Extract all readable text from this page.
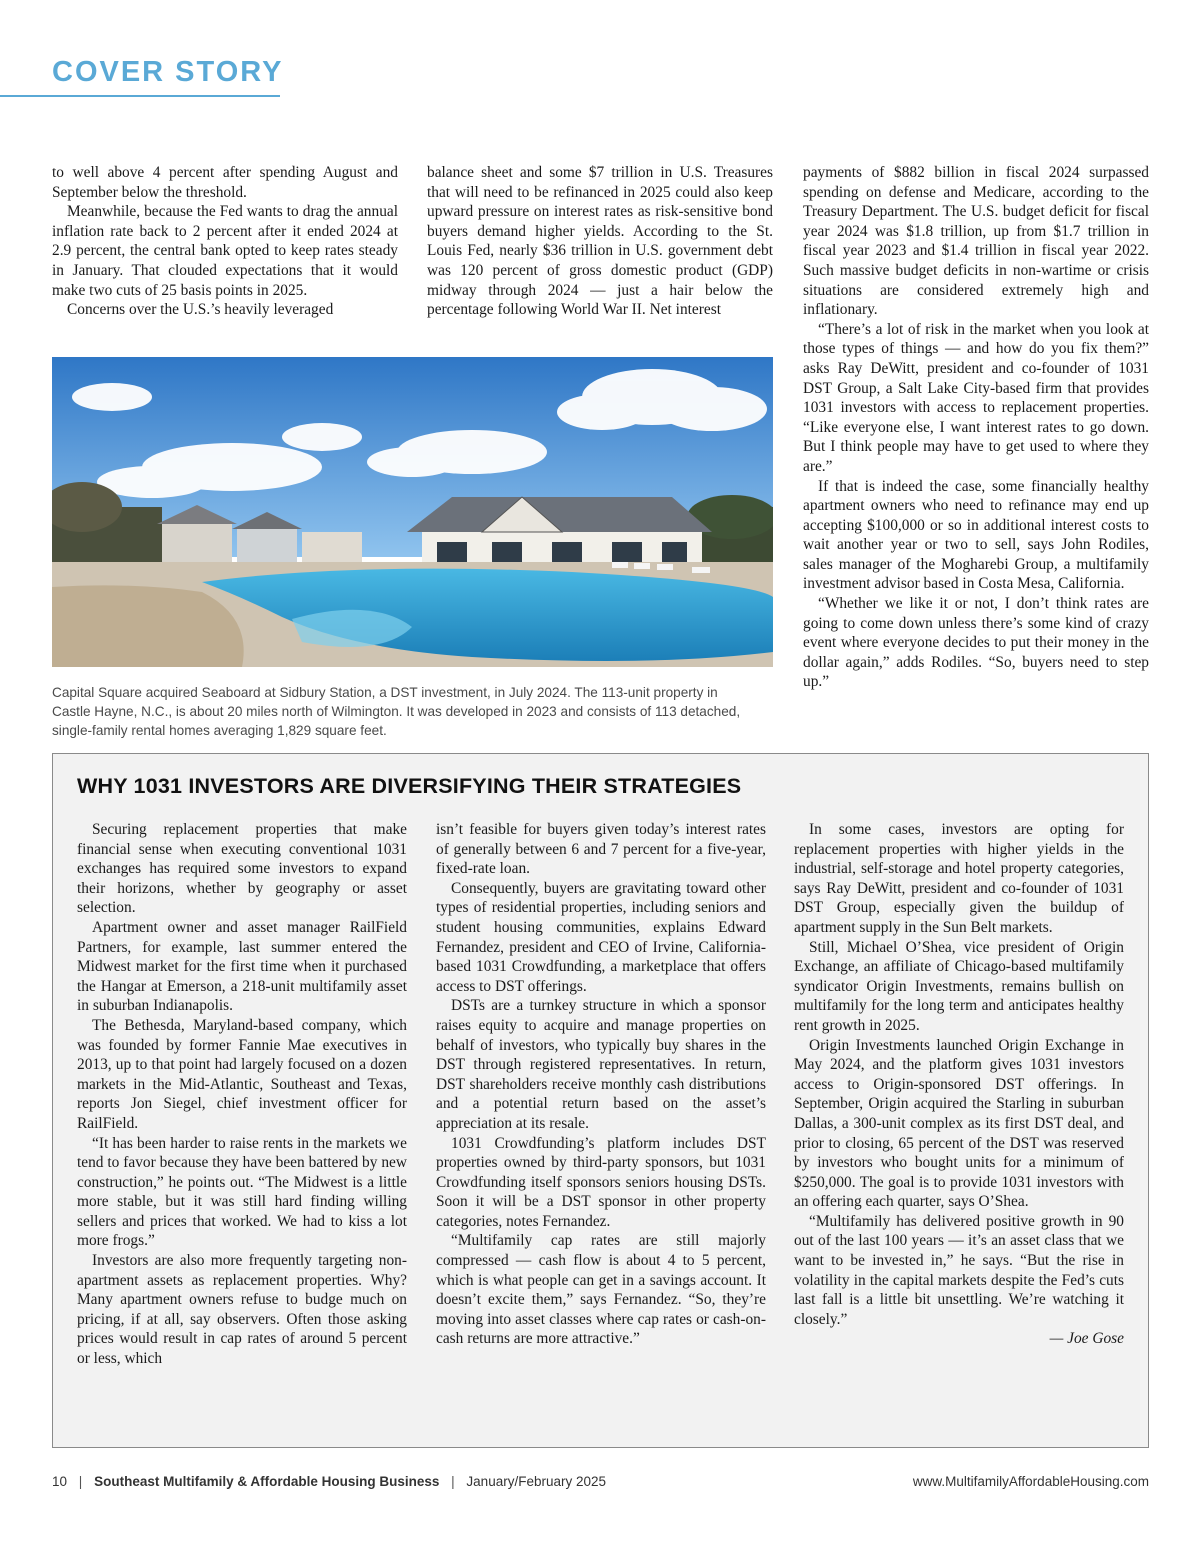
COVER STORY

to well above 4 percent after spending August and September below the threshold.

Meanwhile, because the Fed wants to drag the annual inflation rate back to 2 percent after it ended 2024 at 2.9 percent, the central bank opted to keep rates steady in January. That clouded expectations that it would make two cuts of 25 basis points in 2025.

Concerns over the U.S.’s heavily leveraged

balance sheet and some $7 trillion in U.S. Treasures that will need to be refinanced in 2025 could also keep upward pressure on interest rates as risk-sensitive bond buyers demand higher yields. According to the St. Louis Fed, nearly $36 trillion in U.S. government debt was 120 percent of gross domestic product (GDP) midway through 2024 — just a hair below the percentage following World War II. Net interest

payments of $882 billion in fiscal 2024 surpassed spending on defense and Medicare, according to the Treasury Department. The U.S. budget deficit for fiscal year 2024 was $1.8 trillion, up from $1.7 trillion in fiscal year 2023 and $1.4 trillion in fiscal year 2022. Such massive budget deficits in non-wartime or crisis situations are considered extremely high and inflationary.

“There’s a lot of risk in the market when you look at those types of things — and how do you fix them?” asks Ray DeWitt, president and co-founder of 1031 DST Group, a Salt Lake City-based firm that provides 1031 investors with access to replacement properties. “Like everyone else, I want interest rates to go down. But I think people may have to get used to where they are.”

If that is indeed the case, some financially healthy apartment owners who need to refinance may end up accepting $100,000 or so in additional interest costs to wait another year or two to sell, says John Rodiles, sales manager of the Mogharebi Group, a multifamily investment advisor based in Costa Mesa, California.

“Whether we like it or not, I don’t think rates are going to come down unless there’s some kind of crazy event where everyone decides to put their money in the dollar again,” adds Rodiles. “So, buyers need to step up.”

Capital Square acquired Seaboard at Sidbury Station, a DST investment, in July 2024. The 113-unit property in Castle Hayne, N.C., is about 20 miles north of Wilmington. It was developed in 2023 and consists of 113 detached, single-family rental homes averaging 1,829 square feet.
WHY 1031 INVESTORS ARE DIVERSIFYING THEIR STRATEGIES

Securing replacement properties that make financial sense when executing conventional 1031 exchanges has required some investors to expand their horizons, whether by geography or asset selection.

Apartment owner and asset manager RailField Partners, for example, last summer entered the Midwest market for the first time when it purchased the Hangar at Emerson, a 218-unit multifamily asset in suburban Indianapolis.

The Bethesda, Maryland-based company, which was founded by former Fannie Mae executives in 2013, up to that point had largely focused on a dozen markets in the Mid-Atlantic, Southeast and Texas, reports Jon Siegel, chief investment officer for RailField.

“It has been harder to raise rents in the markets we tend to favor because they have been battered by new construction,” he points out. “The Midwest is a little more stable, but it was still hard finding willing sellers and prices that worked. We had to kiss a lot more frogs.”

Investors are also more frequently targeting non-apartment assets as replacement properties. Why? Many apartment owners refuse to budge much on pricing, if at all, say observers. Often those asking prices would result in cap rates of around 5 percent or less, which

isn’t feasible for buyers given today’s interest rates of generally between 6 and 7 percent for a five-year, fixed-rate loan.

Consequently, buyers are gravitating toward other types of residential properties, including seniors and student housing communities, explains Edward Fernandez, president and CEO of Irvine, California-based 1031 Crowdfunding, a marketplace that offers access to DST offerings.

DSTs are a turnkey structure in which a sponsor raises equity to acquire and manage properties on behalf of investors, who typically buy shares in the DST through registered representatives. In return, DST shareholders receive monthly cash distributions and a potential return based on the asset’s appreciation at its resale.

1031 Crowdfunding’s platform includes DST properties owned by third-party sponsors, but 1031 Crowdfunding itself sponsors seniors housing DSTs. Soon it will be a DST sponsor in other property categories, notes Fernandez.

“Multifamily cap rates are still majorly compressed — cash flow is about 4 to 5 percent, which is what people can get in a savings account. It doesn’t excite them,” says Fernandez. “So, they’re moving into asset classes where cap rates or cash-on-cash returns are more attractive.”

In some cases, investors are opting for replacement properties with higher yields in the industrial, self-storage and hotel property categories, says Ray DeWitt, president and co-founder of 1031 DST Group, especially given the buildup of apartment supply in the Sun Belt markets.

Still, Michael O’Shea, vice president of Origin Exchange, an affiliate of Chicago-based multifamily syndicator Origin Investments, remains bullish on multifamily for the long term and anticipates healthy rent growth in 2025.

Origin Investments launched Origin Exchange in May 2024, and the platform gives 1031 investors access to Origin-sponsored DST offerings. In September, Origin acquired the Starling in suburban Dallas, a 300-unit complex as its first DST deal, and prior to closing, 65 percent of the DST was reserved by investors who bought units for a minimum of $250,000. The goal is to provide 1031 investors with an offering each quarter, says O’Shea.

“Multifamily has delivered positive growth in 90 out of the last 100 years — it’s an asset class that we want to be invested in,” he says. “But the rise in volatility in the capital markets despite the Fed’s cuts last fall is a little bit unsettling. We’re watching it closely.”

— Joe Gose
10 | Southeast Multifamily & Affordable Housing Business | January/February 2025	www.MultifamilyAffordableHousing.com
